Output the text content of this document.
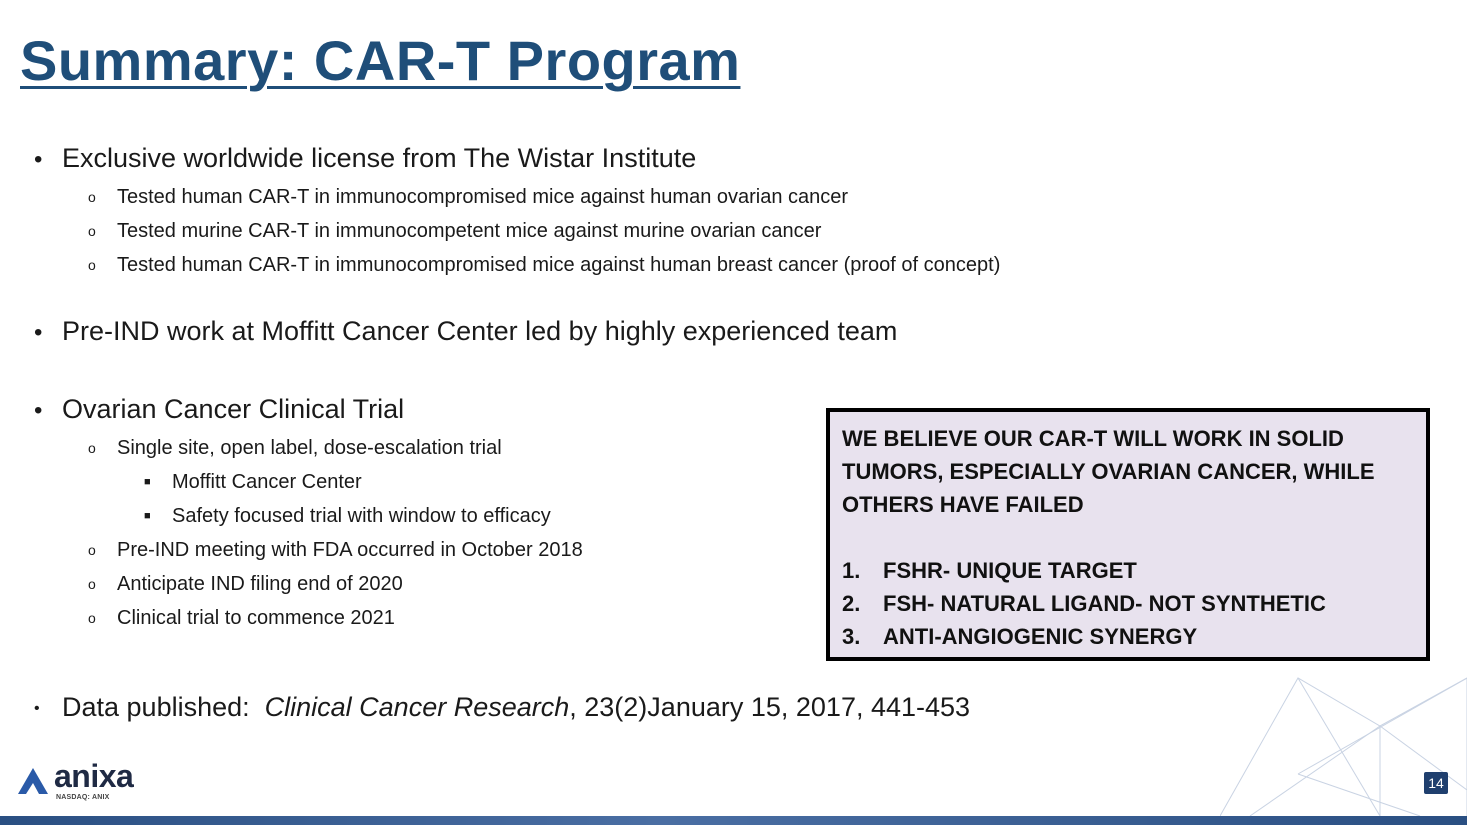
Summary: CAR-T Program
• Exclusive worldwide license from The Wistar Institute
o Tested human CAR-T in immunocompromised mice against human ovarian cancer
o Tested murine CAR-T in immunocompetent mice against murine ovarian cancer
o Tested human CAR-T in immunocompromised mice against human breast cancer (proof of concept)
• Pre-IND work at Moffitt Cancer Center led by highly experienced team
• Ovarian Cancer Clinical Trial
o Single site, open label, dose-escalation trial
■ Moffitt Cancer Center
■ Safety focused trial with window to efficacy
o Pre-IND meeting with FDA occurred in October 2018
o Anticipate IND filing end of 2020
o Clinical trial to commence 2021
• Data published:  Clinical Cancer Research, 23(2)January 15, 2017, 441-453
WE BELIEVE OUR CAR-T WILL WORK IN SOLID
TUMORS, ESPECIALLY OVARIAN CANCER, WHILE
OTHERS HAVE FAILED
1.	FSHR- UNIQUE TARGET
2.	FSH- NATURAL LIGAND- NOT SYNTHETIC
3.	ANTI-ANGIOGENIC SYNERGY
anixa
NASDAQ: ANIX
14
